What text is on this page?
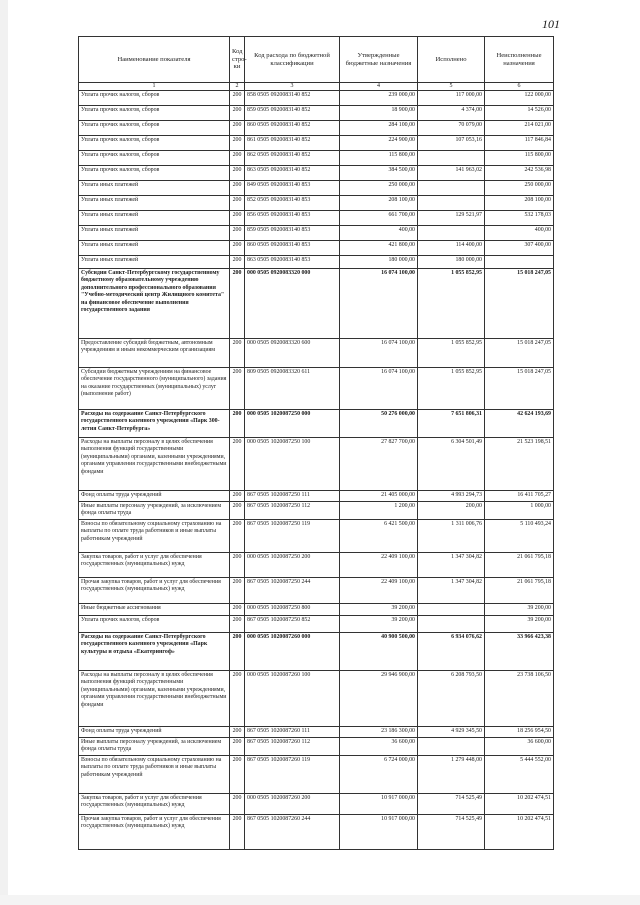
101
Наименование показателя	Код стро-ки	Код расхода по бюджетной классификации	Утвержденные бюджетные назначения	Исполнено	Неисполненные назначения
1	2	3	4	5	6
Уплата прочих налогов, сборов	200	858 0505 0920083140 852	239 000,00	117 000,00	122 000,00
Уплата прочих налогов, сборов	200	859 0505 0920083140 852	18 900,00	4 374,00	14 526,00
Уплата прочих налогов, сборов	200	860 0505 0920083140 852	284 100,00	70 079,00	214 021,00
Уплата прочих налогов, сборов	200	861 0505 0920083140 852	224 900,00	107 053,16	117 846,84
Уплата прочих налогов, сборов	200	862 0505 0920083140 852	115 800,00		115 800,00
Уплата прочих налогов, сборов	200	863 0505 0920083140 852	384 500,00	141 963,02	242 536,98
Уплата иных платежей	200	849 0505 0920083140 853	250 000,00		250 000,00
Уплата иных платежей	200	852 0505 0920083140 853	208 100,00		208 100,00
Уплата иных платежей	200	856 0505 0920083140 853	661 700,00	129 521,97	532 178,03
Уплата иных платежей	200	859 0505 0920083140 853	400,00		400,00
Уплата иных платежей	200	860 0505 0920083140 853	421 800,00	114 400,00	307 400,00
Уплата иных платежей	200	863 0505 0920083140 853	180 000,00	180 000,00	
Субсидии Санкт-Петербургскому государственному бюджетному образовательному учреждению дополнительного профессионального образования "Учебно-методический центр Жилищного комитета" на финансовое обеспечение выполнения государственного задания	200	000 0505 0920083320 000	16 074 100,00	1 055 852,95	15 018 247,05
Предоставление субсидий бюджетным, автономным учреждениям и иным некоммерческим организациям	200	000 0505 0920083320 600	16 074 100,00	1 055 852,95	15 018 247,05
Субсидии бюджетным учреждениям на финансовое обеспечение государственного (муниципального) задания на оказание государственных (муниципальных) услуг (выполнение работ)	200	809 0505 0920083320 611	16 074 100,00	1 055 852,95	15 018 247,05
Расходы на содержание Санкт-Петербургского государственного казенного учреждения «Парк 300-летия Санкт-Петербурга»	200	000 0505 1020087250 000	50 276 000,00	7 651 806,31	42 624 193,69
Расходы на выплаты персоналу в целях обеспечения выполнения функций государственными (муниципальными) органами, казенными учреждениями, органами управления государственными внебюджетными фондами	200	000 0505 1020087250 100	27 827 700,00	6 304 501,49	21 523 198,51
Фонд оплаты труда учреждений	200	867 0505 1020087250 111	21 405 000,00	4 993 294,73	16 411 705,27
Иные выплаты персоналу учреждений, за исключением фонда оплаты труда	200	867 0505 1020087250 112	1 200,00	200,00	1 000,00
Взносы по обязательному социальному страхованию на выплаты по оплате труда работников и иные выплаты работникам учреждений	200	867 0505 1020087250 119	6 421 500,00	1 311 006,76	5 110 493,24
Закупка товаров, работ и услуг для обеспечения государственных (муниципальных) нужд	200	000 0505 1020087250 200	22 409 100,00	1 347 304,82	21 061 795,18
Прочая закупка товаров, работ и услуг для обеспечения государственных (муниципальных) нужд	200	867 0505 1020087250 244	22 409 100,00	1 347 304,82	21 061 795,18
Иные бюджетные ассигнования	200	000 0505 1020087250 800	39 200,00		39 200,00
Уплата прочих налогов, сборов	200	867 0505 1020087250 852	39 200,00		39 200,00
Расходы на содержание Санкт-Петербургского государственного казенного учреждения «Парк культуры и отдыха «Екатерингоф»	200	000 0505 1020087260 000	40 900 500,00	6 934 076,62	33 966 423,38
Расходы на выплаты персоналу в целях обеспечения выполнения функций государственными (муниципальными) органами, казенными учреждениями, органами управления государственными внебюджетными фондами	200	000 0505 1020087260 100	29 946 900,00	6 208 793,50	23 738 106,50
Фонд оплаты труда учреждений	200	867 0505 1020087260 111	23 186 300,00	4 929 345,50	18 256 954,50
Иные выплаты персоналу учреждений, за исключением фонда оплаты труда	200	867 0505 1020087260 112	36 600,00		36 600,00
Взносы по обязательному социальному страхованию на выплаты по оплате труда работников и иные выплаты работникам учреждений	200	867 0505 1020087260 119	6 724 000,00	1 279 448,00	5 444 552,00
Закупка товаров, работ и услуг для обеспечения государственных (муниципальных) нужд	200	000 0505 1020087260 200	10 917 000,00	714 525,49	10 202 474,51
Прочая закупка товаров, работ и услуг для обеспечения государственных (муниципальных) нужд	200	867 0505 1020087260 244	10 917 000,00	714 525,49	10 202 474,51
